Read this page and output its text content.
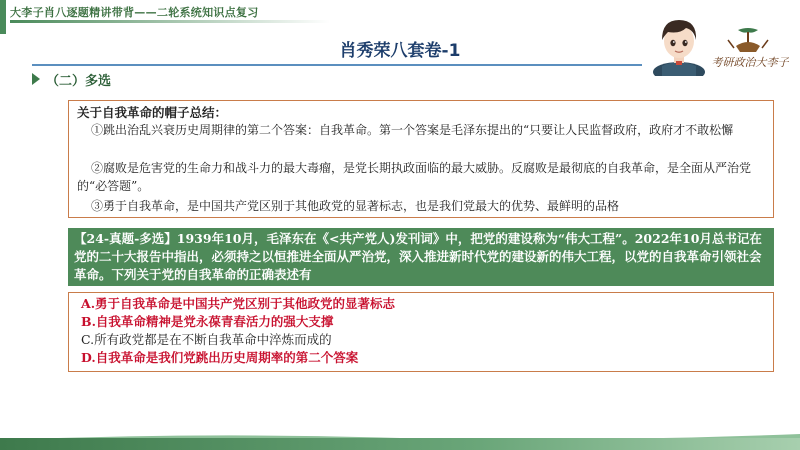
大李子肖八逐题精讲带背——二轮系统知识点复习
肖秀荣八套卷-1
考研政治大李子
（二）多选
关于自我革命的帽子总结：
①跳出治乱兴衰历史周期律的第二个答案：自我革命。第一个答案是毛泽东提出的“只要让人民监督政府，政府才不敢松懈
②腐败是危害党的生命力和战斗力的最大毒瘤，是党长期执政面临的最大威胁。反腐败是最彻底的自我革命，是全面从严治党的“必答题”。
③勇于自我革命，是中国共产党区别于其他政党的显著标志，也是我们党最大的优势、最鲜明的品格
【24-真题-多选】1939年10月，毛泽东在《<共产党人)发刊词》中，把党的建设称为“伟大工程”。2022年10月总书记在党的二十大报告中指出，必须持之以恒推进全面从严治党，深入推进新时代党的建设新的伟大工程，以党的自我革命引领社会革命。下列关于党的自我革命的正确表述有
A.勇于自我革命是中国共产党区别于其他政党的显著标志
B.自我革命精神是党永葆青春活力的强大支撑
C.所有政党都是在不断自我革命中淬炼而成的
D.自我革命是我们党跳出历史周期率的第二个答案
